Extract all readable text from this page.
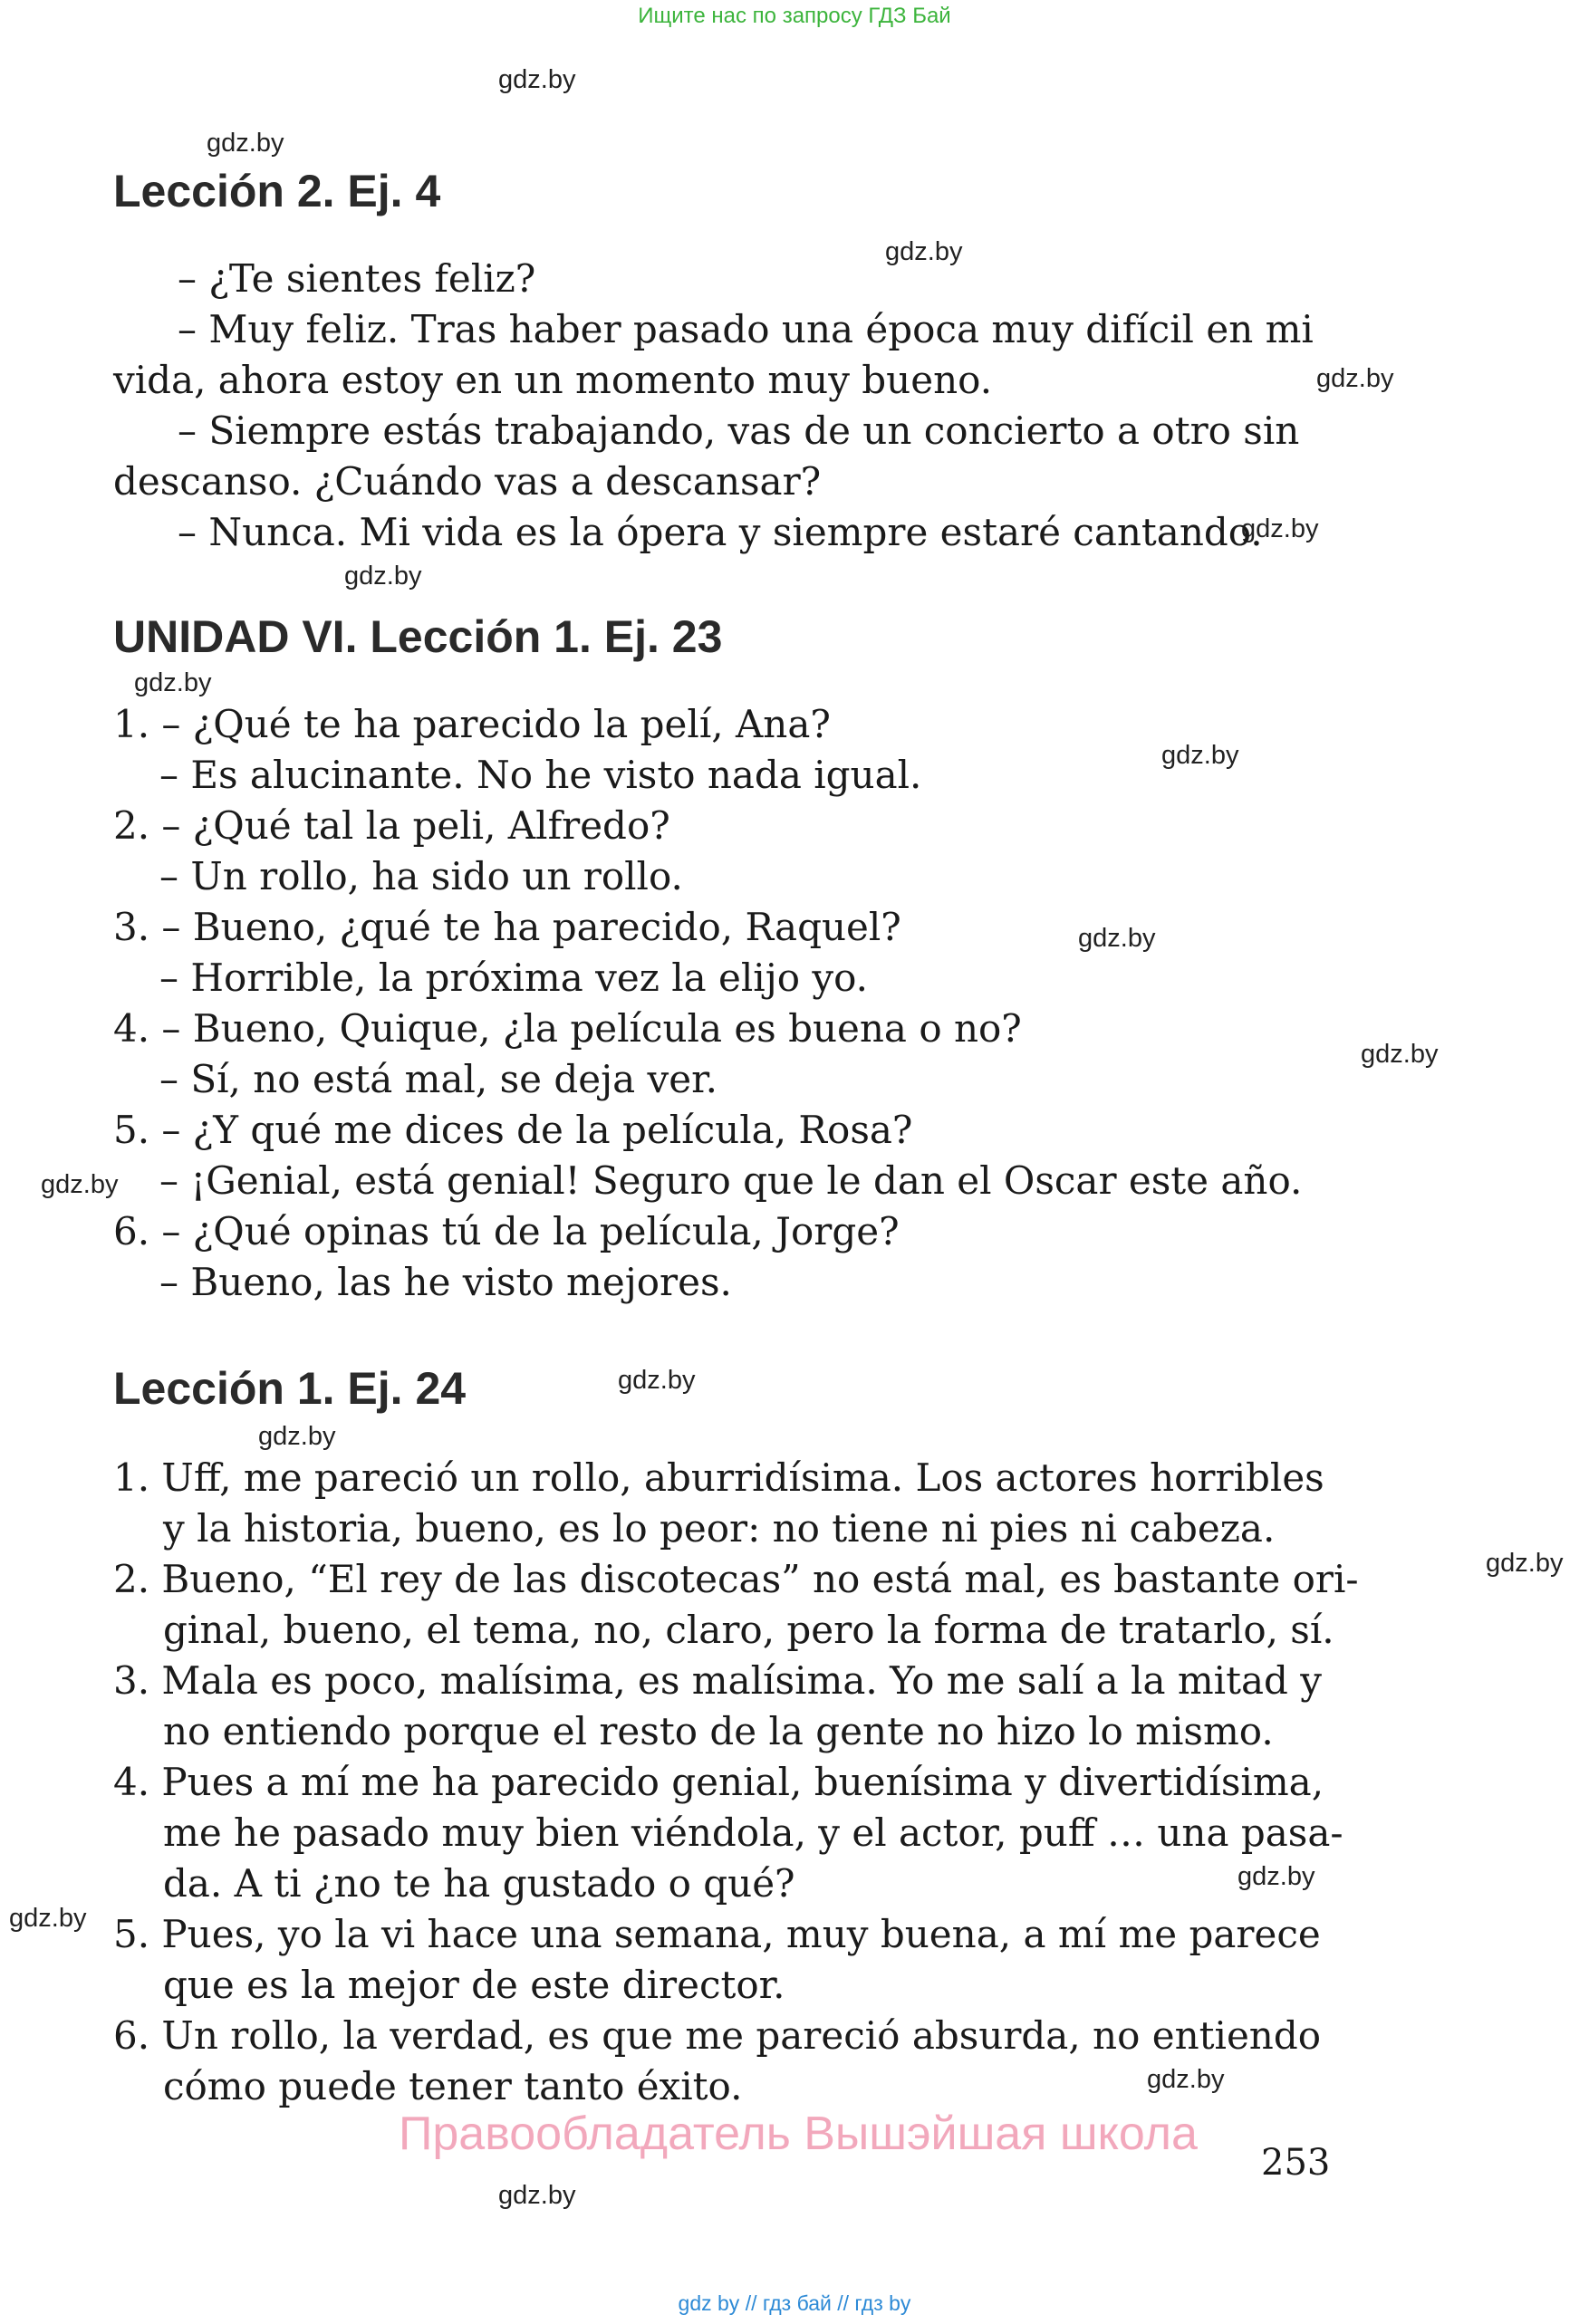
Ищите нас по запросу ГДЗ Бай
gdz.by
gdz.by
gdz.by
gdz.by
gdz.by
gdz.by
gdz.by
gdz.by
gdz.by
gdz.by
gdz.by
gdz.by
gdz.by
gdz.by
gdz.by
gdz.by
gdz.by
gdz.by
Lección 2. Ej. 4
– ¿Te sientes feliz?
– Muy feliz. Tras haber pasado una época muy difícil en mi
vida, ahora estoy en un momento muy bueno.
– Siempre estás trabajando, vas de un concierto a otro sin
descanso. ¿Cuándo vas a descansar?
– Nunca. Mi vida es la ópera y siempre estaré cantando.
UNIDAD VI. Lección 1. Ej. 23
1. – ¿Qué te ha parecido la pelí, Ana?
– Es alucinante. No he visto nada igual.
2. – ¿Qué tal la peli, Alfredo?
– Un rollo, ha sido un rollo.
3. – Bueno, ¿qué te ha parecido, Raquel?
– Horrible, la próxima vez la elijo yo.
4. – Bueno, Quique, ¿la película es buena o no?
– Sí, no está mal, se deja ver.
5. – ¿Y qué me dices de la película, Rosa?
– ¡Genial, está genial! Seguro que le dan el Oscar este año.
6. – ¿Qué opinas tú de la película, Jorge?
– Bueno, las he visto mejores.
Lección 1. Ej. 24
1. Uff, me pareció un rollo, aburridísima. Los actores horribles
y la historia, bueno, es lo peor: no tiene ni pies ni cabeza.
2. Bueno, “El rey de las discotecas” no está mal, es bastante ori-
ginal, bueno, el tema, no, claro, pero la forma de tratarlo, sí.
3. Mala es poco, malísima, es malísima. Yo me salí a la mitad y
no entiendo porque el resto de la gente no hizo lo mismo.
4. Pues a mí me ha parecido genial, buenísima y divertidísima,
me he pasado muy bien viéndola, y el actor, puff … una pasa-
da. A ti ¿no te ha gustado o qué?
5. Pues, yo la vi hace una semana, muy buena, a mí me parece
que es la mejor de este director.
6. Un rollo, la verdad, es que me pareció absurda, no entiendo
cómo puede tener tanto éxito.
Правообладатель Вышэйшая школа
253
gdz by // гдз бай // гдз by
